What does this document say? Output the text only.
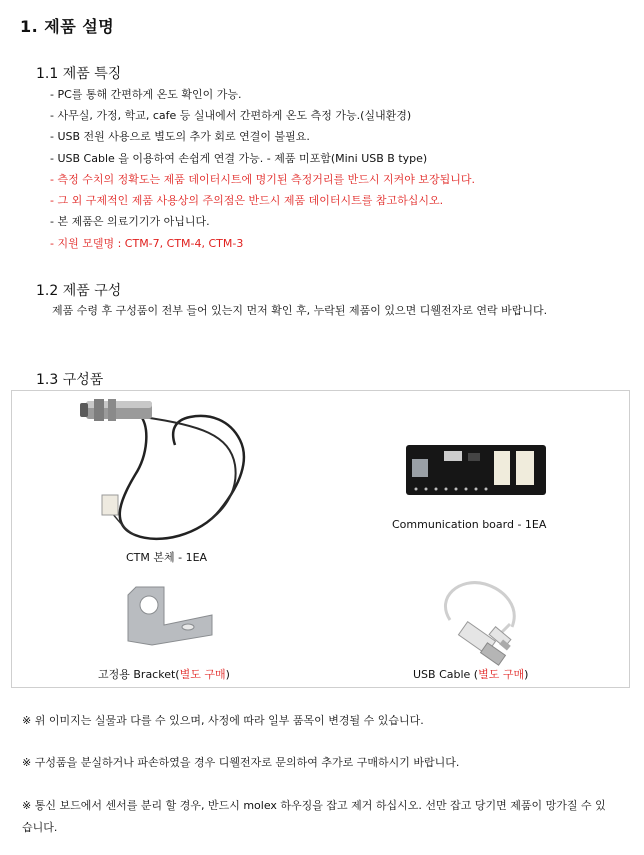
1. 제품 설명
1.1 제품 특징
- PC를 통해 간편하게 온도 확인이 가능.
- 사무실, 가정, 학교, cafe 등 실내에서 간편하게 온도 측정 가능.(실내환경)
- USB 전원 사용으로 별도의 추가 회로 연결이 불필요.
- USB Cable 을 이용하여 손쉽게 연결 가능. - 제품 미포함(Mini USB B type)
- 측정 수치의 정확도는 제품 데이터시트에 명기된 측정거리를 반드시 지켜야 보장됩니다.
- 그 외 구제적인 제품 사용상의 주의점은 반드시 제품 데이터시트를 참고하십시오.
- 본 제품은 의료기기가 아닙니다.
- 지원 모델명 : CTM-7, CTM-4, CTM-3
1.2 제품 구성
제품 수령 후 구성품이 전부 들어 있는지 먼저 확인 후, 누락된 제품이 있으면 디웰전자로 연락 바랍니다.
1.3 구성품
CTM 본체 - 1EA
Communication board - 1EA
고정용 Bracket(별도 구매)	USB Cable (별도 구매)
※ 위 이미지는 실물과 다를 수 있으며, 사정에 따라 일부 품목이 변경될 수 있습니다.
※ 구성품을 분실하거나 파손하였을 경우 디웰전자로 문의하여 추가로 구매하시기 바랍니다.
※ 통신 보드에서 센서를 분리 할 경우, 반드시 molex 하우징을 잡고 제거 하십시오. 선만 잡고 당기면 제품이 망가질 수 있습니다.
